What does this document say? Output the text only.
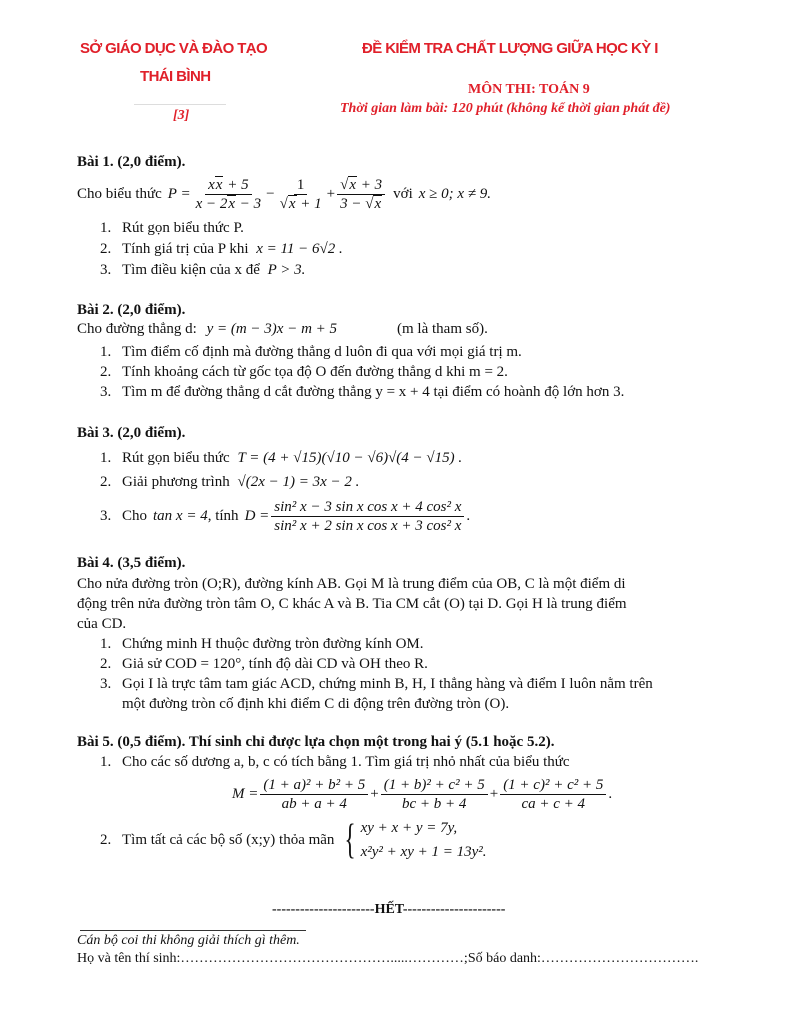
SỞ GIÁO DỤC VÀ ĐÀO TẠO
THÁI BÌNH
[3]
ĐỀ KIỂM TRA CHẤT LƯỢNG GIỮA HỌC KỲ I
MÔN THI: TOÁN 9
Thời gian làm bài: 120 phút (không kể thời gian phát đề)
Bài 1. (2,0 điểm).
Cho biểu thức $P = \frac{xx + 5}{x - 2x - 3} - \frac{1}{√x + 1} + \frac{√x + 3}{3 - √x}$ với x ≥ 0; x ≠ 9.
1. Rút gọn biểu thức P.
2. Tính giá trị của P khi x = 11 − 6√2 .
3. Tìm điều kiện của x để P > 3.
Bài 2. (2,0 điểm).
Cho đường thẳng d: y = (m − 3)x − m + 5	(m là tham số).
1. Tìm điểm cố định mà đường thẳng d luôn đi qua với mọi giá trị m.
2. Tính khoảng cách từ gốc tọa độ O đến đường thẳng d khi m = 2.
3. Tìm m để đường thẳng d cắt đường thẳng y = x + 4 tại điểm có hoành độ lớn hơn 3.
Bài 3. (2,0 điểm).
1. Rút gọn biểu thức T = (4 + √15)(√10 − √6)√(4 − √15) .
2. Giải phương trình √(2x − 1) = 3x − 2 .
3. Cho tan x = 4 , tính $D = \frac{\text{sin² x − 3 sin x cos x + 4 cos² x}}{\text{sin² x + 2 sin x cos x + 3 cos² x}}$ .
Bài 4. (3,5 điểm).
Cho nửa đường tròn (O;R), đường kính AB. Gọi M là trung điểm của OB, C là một điểm di
động trên nửa đường tròn tâm O, C khác A và B. Tia CM cắt (O) tại D. Gọi H là trung điểm
của CD.
1. Chứng minh H thuộc đường tròn đường kính OM.
2. Giả sử COD = 120°, tính độ dài CD và OH theo R.
3. Gọi I là trực tâm tam giác ACD, chứng minh B, H, I thẳng hàng và điểm I luôn nằm trên
một đường tròn cố định khi điểm C di động trên đường tròn (O).
Bài 5. (0,5 điểm). Thí sinh chỉ được lựa chọn một trong hai ý (5.1 hoặc 5.2).
1. Cho các số dương a, b, c có tích bằng 1. Tìm giá trị nhỏ nhất của biểu thức
$M = \frac{\text{(1 + a)² + b² + 5}}{ab + a + 4} + \frac{\text{(1 + b)² + c² + 5}}{bc + b + 4} + \frac{\text{(1 + c)² + c² + 5}}{ca + c + 4}$ .
2. Tìm tất cả các bộ số (x;y) thỏa mãn { xy + x + y = 7y,
x²y² + xy + 1 = 13y².
----------------------HẾT----------------------
Cán bộ coi thi không giải thích gì thêm.
Họ và tên thí sinh:……………………………………….....…………;Số báo danh:…………………………….
